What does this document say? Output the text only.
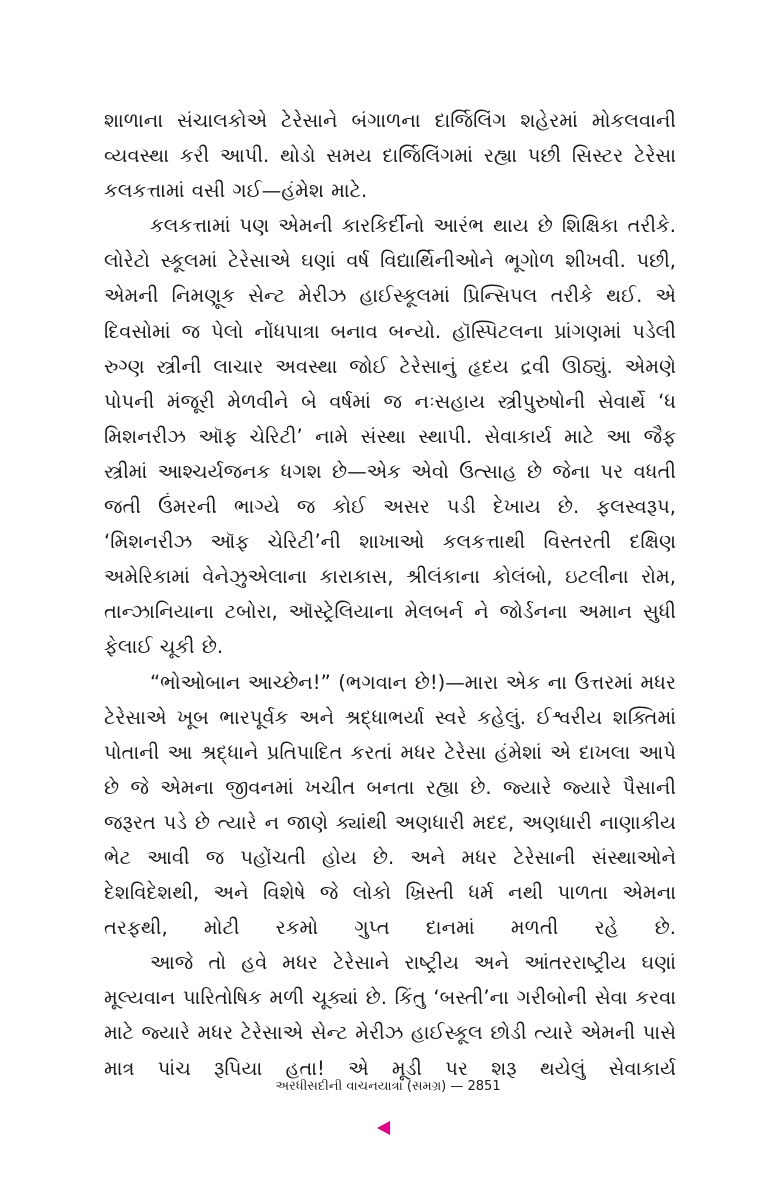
શાળાના સંચાલકોએ ટેરેસાને બંગાળના દાર્જિલિંગ શહેરમાં મોકલવાની વ્યવસ્થા કરી આપી. થોડો સમય દાર્જિલિંગમાં રહ્યા પછી સિસ્ટર ટેરેસા કલકત્તામાં વસી ગઈ—હંમેશ માટે.

કલકત્તામાં પણ એમની કારકિર્દીનો આરંભ થાય છે શિક્ષિકા તરીકે. લોરેટો સ્કૂલમાં ટેરેસાએ ઘણાં વર્ષ વિદ્યાર્થિનીઓને ભૂગોળ શીખવી. પછી, એમની નિમણૂક સેન્ટ મેરીઝ હાઈસ્કૂલમાં પ્રિન્સિપલ તરીકે થઈ. એ દિવસોમાં જ પેલો નોંધપાત્રા બનાવ બન્યો. હૉસ્પિટલના પ્રાંગણમાં પડેલી રુગ્ણ સ્ત્રીની લાચાર અવસ્થા જોઈ ટેરેસાનું હૃદય દ્રવી ઊઠ્યું. એમણે પોપની મંજૂરી મેળવીને બે વર્ષમાં જ નઃસહાય સ્ત્રીપુરુષોની સેવાર્થે ‘ધ મિશનરીઝ ઑફ ચેરિટી’ નામે સંસ્થા સ્થાપી. સેવાકાર્ય માટે આ જૈફ સ્ત્રીમાં આશ્ચર્યજનક ધગશ છે—એક એવો ઉત્સાહ છે જેના પર વધતી જતી ઉંમરની ભાગ્યે જ કોઈ અસર પડી દેખાય છે. ફલસ્વરૂપ, ‘મિશનરીઝ ઑફ ચેરિટી’ની શાખાઓ કલકત્તાથી વિસ્તરતી દક્ષિણ અમેરિકામાં વેનેઝુએલાના કારાકાસ, શ્રીલંકાના કોલંબો, ઇટલીના રોમ, તાન્ઝાનિયાના ટબોરા, ઑસ્ટ્રેલિયાના મેલબર્ન ને જોર્ડનના અમાન સુધી ફેલાઈ ચૂકી છે.

“ભોઓબાન આચ્છેન!” (ભગવાન છે!)—મારા એક ના ઉત્તરમાં મધર ટેરેસાએ ખૂબ ભારપૂર્વક અને શ્રદ્ધાભર્યા સ્વરે કહેલું. ઈશ્વરીય શક્તિમાં પોતાની આ શ્રદ્ધાને પ્રતિપાદિત કરતાં મધર ટેરેસા હંમેશાં એ દાખલા આપે છે જે એમના જીવનમાં ખચીત બનતા રહ્યા છે. જ્યારે જ્યારે પૈસાની જરૂરત પડે છે ત્યારે ન જાણે ક્યાંથી અણધારી મદદ, અણધારી નાણાકીય ભેટ આવી જ પહોંચતી હોય છે. અને મધર ટેરેસાની સંસ્થાઓને દેશવિદેશથી, અને વિશેષે જે લોકો ખ્રિસ્તી ધર્મ નથી પાળતા એમના તરફથી, મોટી રકમો ગુપ્ત દાનમાં મળતી રહે છે.

આજે તો હવે મધર ટેરેસાને રાષ્ટ્રીય અને આંતરરાષ્ટ્રીય ઘણાં મૂલ્યવાન પારિતોષિક મળી ચૂક્યાં છે. કિંતુ ‘બસ્તી’ના ગરીબોની સેવા કરવા માટે જ્યારે મધર ટેરેસાએ સેન્ટ મેરીઝ હાઈસ્કૂલ છોડી ત્યારે એમની પાસે માત્ર પાંચ રૂપિયા હતા! એ મૂડી પર શરૂ થયેલું સેવાકાર્ય

અરધીસદીની વાચનયાત્રા (સમગ્ર) — 2851
